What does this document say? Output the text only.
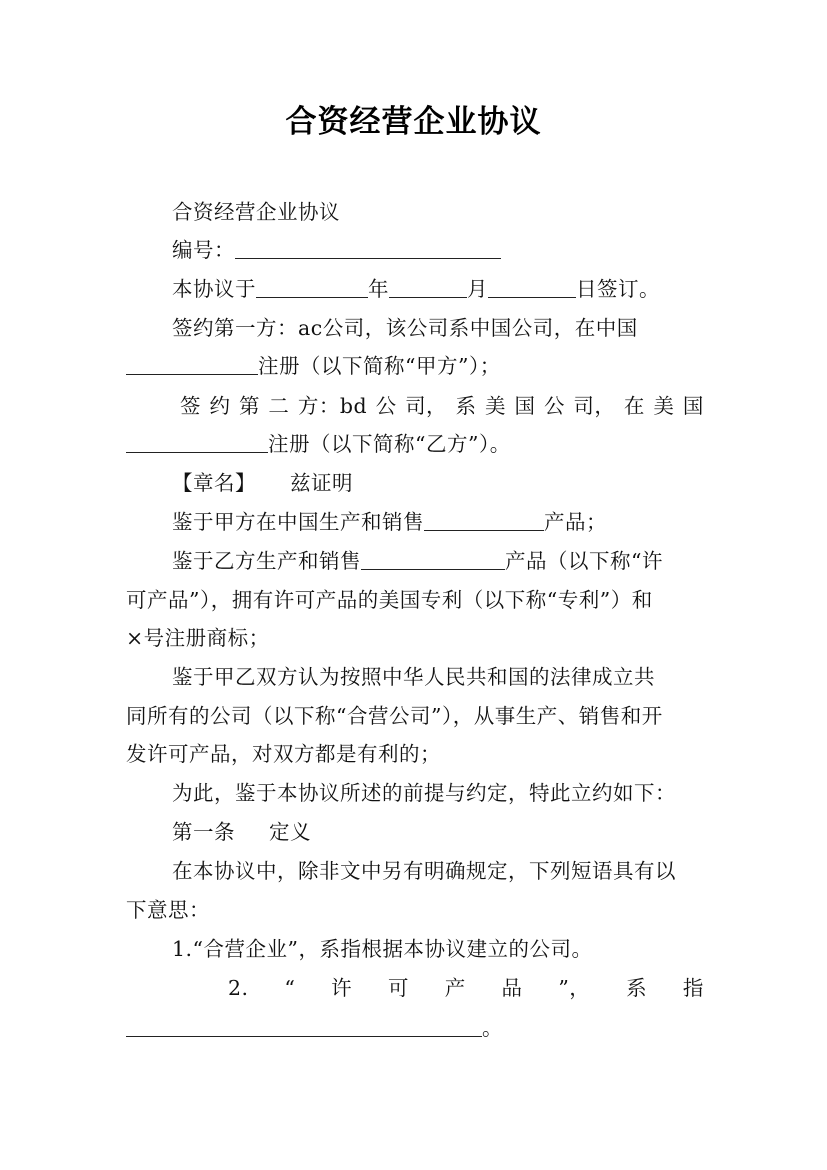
合资经营企业协议
合资经营企业协议
编号：
本协议于	年	月	日签订。
签约第一方：ac公司，该公司系中国公司，在中国
注册（以下简称“甲方”）；
签 约 第 二 方：bd 公 司， 系 美 国 公 司， 在 美 国
注册（以下简称“乙方”）。
【章名】 兹证明
鉴于甲方在中国生产和销售	产品；
鉴于乙方生产和销售	产品（以下称“许
可产品”），拥有许可产品的美国专利（以下称“专利”）和
×号注册商标；
鉴于甲乙双方认为按照中华人民共和国的法律成立共
同所有的公司（以下称“合营公司”），从事生产、销售和开
发许可产品，对双方都是有利的；
为此，鉴于本协议所述的前提与约定，特此立约如下：
第一条 定义
在本协议中，除非文中另有明确规定，下列短语具有以
下意思：
1.“合营企业”，系指根据本协议建立的公司。
2. “ 许 可 产 品 ”， 系 指
。
